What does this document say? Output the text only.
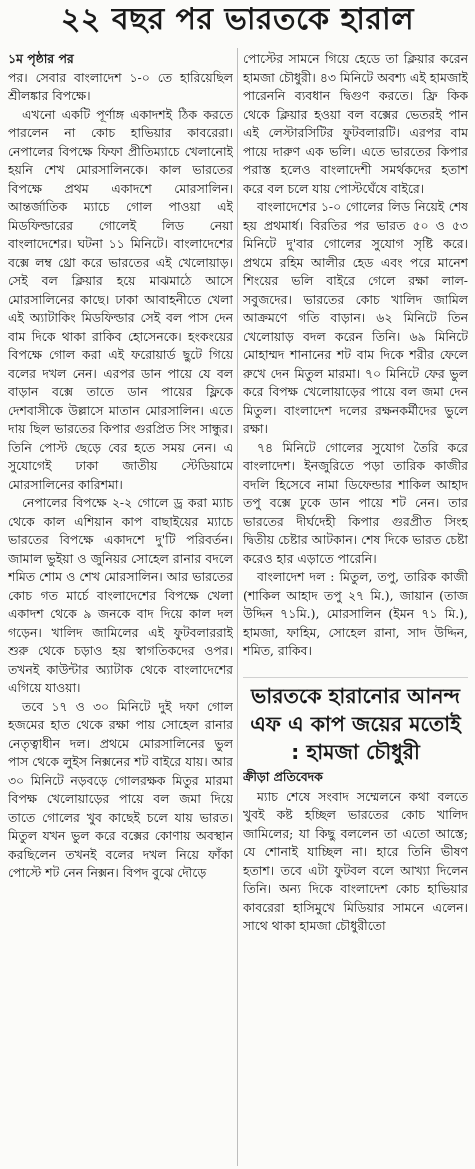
২২ বছর পর ভারতকে হারাল

১ম পৃষ্ঠার পর
পর। সেবার বাংলাদেশ ১-০ তে হারিয়েছিল শ্রীলঙ্কার বিপক্ষে।

এখনো একটি পূর্ণাঙ্গ একাদশই ঠিক করতে পারলেন না কোচ হাভিয়ার কাবরেরা। নেপালের বিপক্ষে ফিফা প্রীতিম্যাচে খেলানোই হয়নি শেখ মোরসালিনকে। কাল ভারতের বিপক্ষে প্রথম একাদশে মোরসালিন। আন্তর্জাতিক ম্যাচে গোল পাওয়া এই মিডফিল্ডারের গোলেই লিড নেয়া বাংলাদেশের। ঘটনা ১১ মিনিটে। বাংলাদেশের বক্সে লম্ব থ্রো করে ভারতের এই খেলোয়াড়। সেই বল ক্লিয়ার হয়ে মাঝমাঠে আসে মোরসালিনের কাছে। ঢাকা আবাহনীতে খেলা এই অ্যাটাকিং মিডফিল্ডার সেই বল পাস দেন বাম দিকে থাকা রাকিব হোসেনকে। হংকংয়ের বিপক্ষে গোল করা এই ফরোয়ার্ড ছুটে গিয়ে বলের দখল নেন। এরপর ডান পায়ে যে বল বাড়ান বক্সে তাতে ডান পায়ের ফ্লিকে দেশবাসীকে উল্লাসে মাতান মোরসালিন। এতে দায় ছিল ভারতের কিপার গুরপ্রিত সিং সান্ধুর। তিনি পোস্ট ছেড়ে বের হতে সময় নেন। এ সুযোগেই ঢাকা জাতীয় স্টেডিয়ামে মোরসালিনের কারিশমা।

নেপালের বিপক্ষে ২-২ গোলে ড্র করা ম্যাচ থেকে কাল এশিয়ান কাপ বাছাইয়ের ম্যাচে ভারতের বিপক্ষে একাদশে দু'টি পরিবর্তন। জামাল ভুইয়া ও জুনিয়র সোহেল রানার বদলে শমিত শোম ও শেখ মোরসালিন। আর ভারতের কোচ গত মার্চে বাংলাদেশের বিপক্ষে খেলা একাদশ থেকে ৯ জনকে বাদ দিয়ে কাল দল গড়েন। খালিদ জামিলের এই ফুটবলাররাই শুরু থেকে চড়াও হয় স্বাগতিকদের ওপর। তখনই কাউন্টার অ্যাটাক থেকে বাংলাদেশের এগিয়ে যাওয়া।

তবে ১৭ ও ৩০ মিনিটে দুই দফা গোল হজমের হাত থেকে রক্ষা পায় সোহেল রানার নেতৃত্বাধীন দল। প্রথমে মোরসালিনের ভুল পাস থেকে লুইস নিক্সনের শট বাইরে যায়। আর ৩০ মিনিটে নড়বড়ে গোলরক্ষক মিতুর মারমা বিপক্ষ খেলোয়াড়ের পায়ে বল জমা দিয়ে তাতে গোলের খুব কাছেই চলে যায় ভারত। মিতুল যখন ভুল করে বক্সের কোণায় অবস্থান করছিলেন তখনই বলের দখল নিয়ে ফাঁকা পোস্টে শট নেন নিক্সন। বিপদ বুঝে দৌড়ে

পোস্টের সামনে গিয়ে হেডে তা ক্লিয়ার করেন হামজা চৌধুরী। ৪৩ মিনিটে অবশ্য এই হামজাই পারেননি ব্যবধান দ্বিগুণ করতে। ফ্রি কিক থেকে ক্লিয়ার হওয়া বল বক্সের ভেতরই পান এই লেস্টারসিটির ফুটবলারটি। এরপর বাম পায়ে দারুণ এক ভলি। এতে ভারতের কিপার পরাস্ত হলেও বাংলাদেশী সমর্থকদের হতাশ করে বল চলে যায় পোস্টঘেঁষে বাইরে।

বাংলাদেশের ১-০ গোলের লিড নিয়েই শেষ হয় প্রথমার্ধ। বিরতির পর ভারত ৫০ ও ৫৩ মিনিটে দু'বার গোলের সুযোগ সৃষ্টি করে। প্রথমে রহিম আলীর হেড এবং পরে মানেশ শিংয়ের ভলি বাইরে গেলে রক্ষা লাল-সবুজদের। ভারতের কোচ খালিদ জামিল আক্রমণে গতি বাড়ান। ৬২ মিনিটে তিন খেলোয়াড় বদল করেন তিনি। ৬৯ মিনিটে মোহাম্মদ শানানের শট বাম দিকে শরীর ফেলে রুখে দেন মিতুল মারমা। ৭০ মিনিটে ফের ভুল করে বিপক্ষ খেলোয়াড়ের পায়ে বল জমা দেন মিতুল। বাংলাদেশ দলের রক্ষনকর্মীদের ভুলে রক্ষা।

৭৪ মিনিটে গোলের সুযোগ তৈরি করে বাংলাদেশ। ইনজুরিতে পড়া তারিক কাজীর বদলি হিসেবে নামা ডিফেন্ডার শাকিল আহাদ তপু বক্সে ঢুকে ডান পায়ে শট নেন। তার ভারতের দীর্ঘদেহী কিপার গুরপ্রীত সিংহ দ্বিতীয় চেষ্টার আটকান। শেষ দিকে ভারত চেষ্টা করেও হার এড়াতে পারেনি।

বাংলাদেশ দল : মিতুল, তপু, তারিক কাজী (শাকিল আহাদ তপু ২৭ মি.), জায়ান (তাজ উদ্দিন ৭১মি.), মোরসালিন (ইমন ৭১ মি.), হামজা, ফাহিম, সোহেল রানা, সাদ উদ্দিন, শমিত, রাকিব।

ভারতকে হারানোর আনন্দ এফ এ কাপ জয়ের মতোই : হামজা চৌধুরী
ক্রীড়া প্রতিবেদক

ম্যাচ শেষে সংবাদ সম্মেলনে কথা বলতে খুবই কষ্ট হচ্ছিল ভারতের কোচ খালিদ জামিলের; যা কিছু বললেন তা এতো আস্তে; যে শোনাই যাচ্ছিল না। হারে তিনি ভীষণ হতাশ। তবে এটা ফুটবল বলে আখ্যা দিলেন তিনি। অন্য দিকে বাংলাদেশ কোচ হাভিয়ার কাবরেরা হাসিমুখে মিডিয়ার সামনে এলেন। সাথে থাকা হামজা চৌধুরীতো
